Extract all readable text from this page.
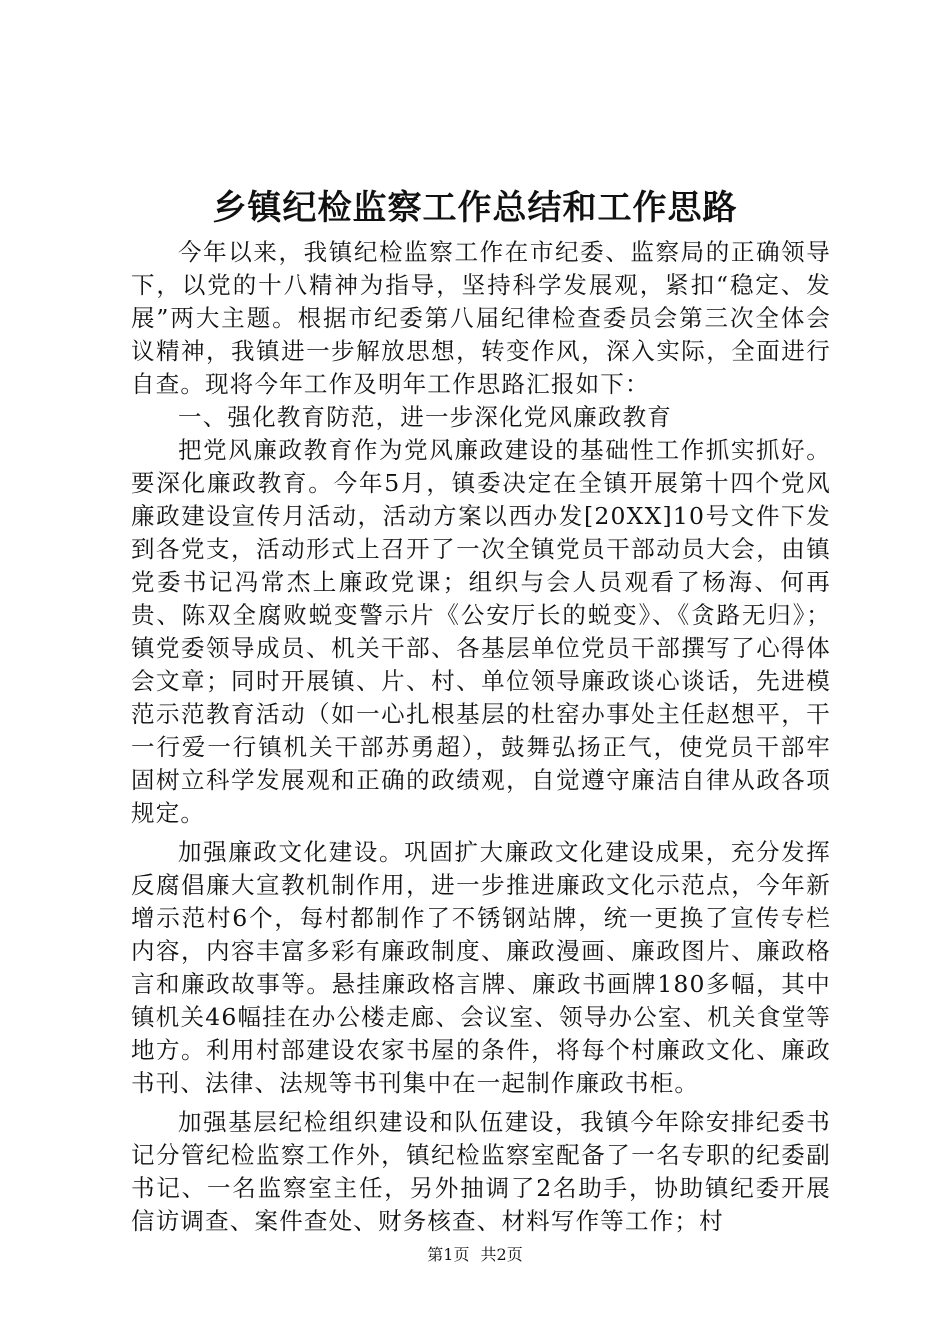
乡镇纪检监察工作总结和工作思路

今年以来，我镇纪检监察工作在市纪委、监察局的正确领导下，以党的十八精神为指导，坚持科学发展观，紧扣“稳定、发展”两大主题。根据市纪委第八届纪律检查委员会第三次全体会议精神，我镇进一步解放思想，转变作风，深入实际，全面进行自查。现将今年工作及明年工作思路汇报如下：

一、强化教育防范，进一步深化党风廉政教育

把党风廉政教育作为党风廉政建设的基础性工作抓实抓好。要深化廉政教育。今年5月，镇委决定在全镇开展第十四个党风廉政建设宣传月活动，活动方案以西办发[20XX]10号文件下发到各党支，活动形式上召开了一次全镇党员干部动员大会，由镇党委书记冯常杰上廉政党课；组织与会人员观看了杨海、何再贵、陈双全腐败蜕变警示片《公安厅长的蜕变》、《贪路无归》；镇党委领导成员、机关干部、各基层单位党员干部撰写了心得体会文章；同时开展镇、片、村、单位领导廉政谈心谈话，先进模范示范教育活动（如一心扎根基层的杜窑办事处主任赵想平，干一行爱一行镇机关干部苏勇超），鼓舞弘扬正气，使党员干部牢固树立科学发展观和正确的政绩观，自觉遵守廉洁自律从政各项规定。

加强廉政文化建设。巩固扩大廉政文化建设成果，充分发挥反腐倡廉大宣教机制作用，进一步推进廉政文化示范点，今年新增示范村6个，每村都制作了不锈钢站牌，统一更换了宣传专栏内容，内容丰富多彩有廉政制度、廉政漫画、廉政图片、廉政格言和廉政故事等。悬挂廉政格言牌、廉政书画牌180多幅，其中镇机关46幅挂在办公楼走廊、会议室、领导办公室、机关食堂等地方。利用村部建设农家书屋的条件，将每个村廉政文化、廉政书刊、法律、法规等书刊集中在一起制作廉政书柜。

加强基层纪检组织建设和队伍建设，我镇今年除安排纪委书记分管纪检监察工作外，镇纪检监察室配备了一名专职的纪委副书记、一名监察室主任，另外抽调了2名助手，协助镇纪委开展信访调查、案件查处、财务核查、材料写作等工作；村

第1页 共2页
